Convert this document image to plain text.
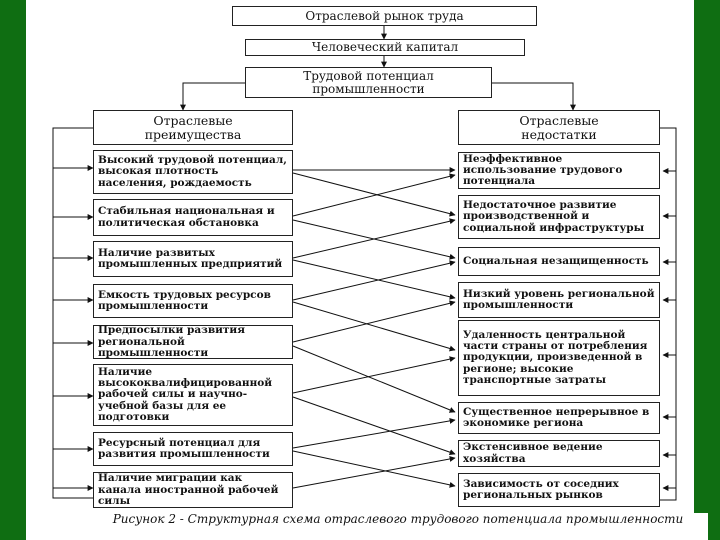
Отраслевой рынок труда
Человеческий капитал
Трудовой потенциал промышленности
Отраслевые преимущества
Отраслевые недостатки
Высокий трудовой потенциал, высокая плотность населения, рождаемость
Стабильная национальная и политическая обстановка
Наличие развитых промышленных предприятий
Емкость трудовых ресурсов промышленности
Предпосылки развития региональной промышленности
Наличие высококвалифицированной рабочей силы и научно-учебной базы для ее подготовки
Ресурсный потенциал для развития промышленности
Наличие миграции как канала иностранной рабочей силы
Неэффективное использование трудового потенциала
Недостаточное развитие производственной и социальной инфраструктуры
Социальная незащищенность
Низкий уровень региональной промышленности
Удаленность центральной части страны от потребления продукции, произведенной в регионе; высокие транспортные затраты
Существенное непрерывное в экономике региона
Экстенсивное ведение хозяйства
Зависимость от соседних региональных рынков
Рисунок 2 - Структурная схема отраслевого трудового потенциала промышленности
